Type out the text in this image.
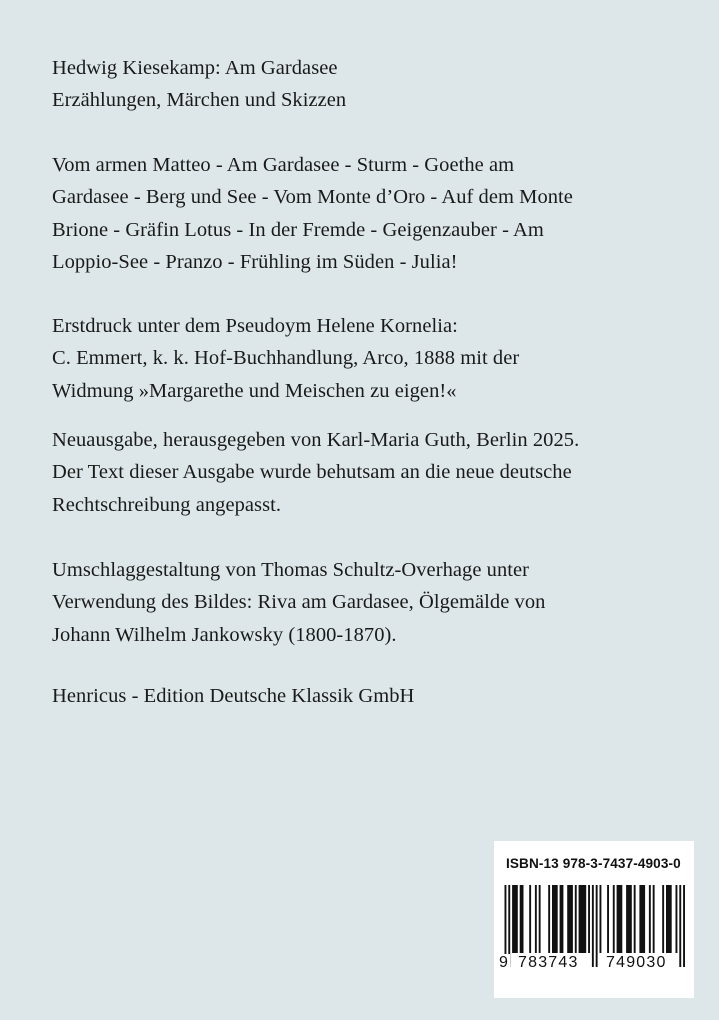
Hedwig Kiesekamp: Am Gardasee
Erzählungen, Märchen und Skizzen
Vom armen Matteo - Am Gardasee - Sturm - Goethe am
Gardasee - Berg und See - Vom Monte d’Oro - Auf dem Monte
Brione - Gräfin Lotus - In der Fremde - Geigenzauber - Am
Loppio-See - Pranzo - Frühling im Süden - Julia!
Erstdruck unter dem Pseudoym Helene Kornelia:
C. Emmert, k. k. Hof-Buchhandlung, Arco, 1888 mit der
Widmung »Margarethe und Meischen zu eigen!«
Neuausgabe, herausgegeben von Karl-Maria Guth, Berlin 2025.
Der Text dieser Ausgabe wurde behutsam an die neue deutsche
Rechtschreibung angepasst.
Umschlaggestaltung von Thomas Schultz-Overhage unter
Verwendung des Bildes: Riva am Gardasee, Ölgemälde von
Johann Wilhelm Jankowsky (1800-1870).
Henricus - Edition Deutsche Klassik GmbH
ISBN-13 978-3-7437-4903-0
9 783743 749030
